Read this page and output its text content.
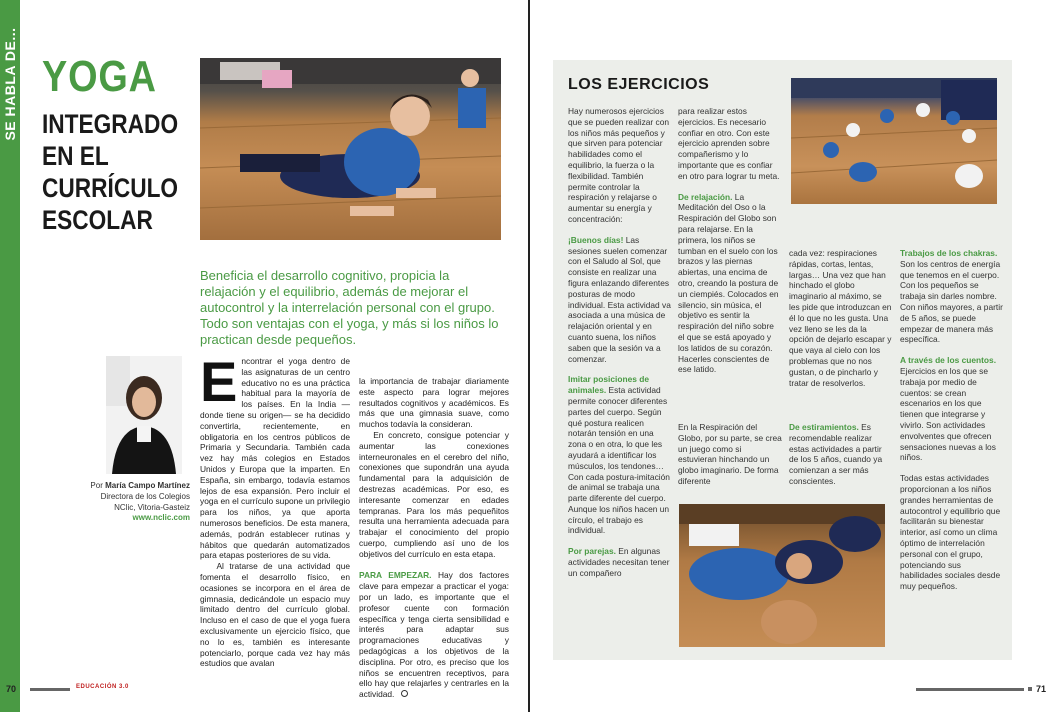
SE HABLA DE... YOGA
INTEGRADO EN EL CURRÍCULO ESCOLAR
Beneficia el desarrollo cognitivo, propicia la relajación y el equilibrio, además de mejorar el autocontrol y la interrelación personal con el grupo. Todo son ventajas con el yoga, y más si los niños lo practican desde pequeños.
Por María Campo Martínez
Directora de los Colegios NClic, Vitoria-Gasteiz
www.nclic.com
E ncontrar el yoga dentro de las asignaturas de un centro educativo no es una práctica habitual para la mayoría de los países. En la India —donde tiene su origen— se ha decidido convertirla, recientemente, en obligatoria en los centros públicos de Primaria y Secundaria. También cada vez hay más colegios en Estados Unidos y Europa que la imparten. En España, sin embargo, todavía estamos lejos de esa expansión. Pero incluir el yoga en el currículo supone un privilegio para los niños, ya que aporta numerosos beneficios. De esta manera, además, podrán establecer rutinas y hábitos que quedarán automatizados para etapas posteriores de su vida.
Al tratarse de una actividad que fomenta el desarrollo físico, en ocasiones se incorpora en el área de gimnasia, dedicándole un espacio muy limitado dentro del currículo global. Incluso en el caso de que el yoga fuera exclusivamente un ejercicio físico, que no lo es, también es interesante potenciarlo, porque cada vez hay más estudios que avalan
la importancia de trabajar diariamente este aspecto para lograr mejores resultados cognitivos y académicos. Es más que una gimnasia suave, como muchos todavía la consideran.
En concreto, consigue potenciar y aumentar las conexiones interneuronales en el cerebro del niño, conexiones que supondrán una ayuda fundamental para la adquisición de destrezas académicas. Por eso, es interesante comenzar en edades tempranas. Para los más pequeñitos resulta una herramienta adecuada para trabajar el conocimiento del propio cuerpo, cumpliendo así uno de los objetivos del currículo en esta etapa.

PARA EMPEZAR. Hay dos factores clave para empezar a practicar el yoga: por un lado, es importante que el profesor cuente con formación específica y tenga cierta sensibilidad e interés para adaptar sus programaciones educativas y pedagógicas a los objetivos de la disciplina. Por otro, es preciso que los niños se encuentren receptivos, para ello hay que relajarles y centrarles en la actividad.
70	EDUCACIÓN 3.0
LOS EJERCICIOS

Hay numerosos ejercicios que se pueden realizar con los niños más pequeños y que sirven para potenciar habilidades como el equilibrio, la fuerza o la flexibilidad. También permite controlar la respiración y relajarse o aumentar su energía y concentración:

¡Buenos días! Las sesiones suelen comenzar con el Saludo al Sol, que consiste en realizar una figura enlazando diferentes posturas de modo individual. Esta actividad va asociada a una música de relajación oriental y en cuanto suena, los niños saben que la sesión va a comenzar.

Imitar posiciones de animales. Esta actividad permite conocer diferentes partes del cuerpo. Según qué postura realicen notarán tensión en una zona o en otra, lo que les ayudará a identificar los músculos, los tendones… Con cada postura-imitación de animal se trabaja una parte diferente del cuerpo. Aunque los niños hacen un círculo, el trabajo es individual.

Por parejas. En algunas actividades necesitan tener un compañero

para realizar estos ejercicios. Es necesario confiar en otro. Con este ejercicio aprenden sobre compañerismo y lo importante que es confiar en otro para lograr tu meta.

De relajación. La Meditación del Oso o la Respiración del Globo son para relajarse. En la primera, los niños se tumban en el suelo con los brazos y las piernas abiertas, una encima de otro, creando la postura de un ciempiés. Colocados en silencio, sin música, el objetivo es sentir la respiración del niño sobre el que se está apoyado y los latidos de su corazón. Hacerles conscientes de ese latido.

En la Respiración del Globo, por su parte, se crea un juego como si estuvieran hinchando un globo imaginario. De forma diferente

cada vez: respiraciones rápidas, cortas, lentas, largas… Una vez que han hinchado el globo imaginario al máximo, se les pide que introduzcan en él lo que no les gusta. Una vez lleno se les da la opción de dejarlo escapar y que vaya al cielo con los problemas que no nos gustan, o de pincharlo y tratar de resolverlos.

De estiramientos. Es recomendable realizar estas actividades a partir de los 5 años, cuando ya comienzan a ser más conscientes.

Trabajos de los chakras. Son los centros de energía que tenemos en el cuerpo. Con los pequeños se trabaja sin darles nombre. Con niños mayores, a partir de 5 años, se puede empezar de manera más específica.

A través de los cuentos. Ejercicios en los que se trabaja por medio de cuentos: se crean escenarios en los que tienen que integrarse y vivirlo. Son actividades envolventes que ofrecen sensaciones nuevas a los niños.

Todas estas actividades proporcionan a los niños grandes herramientas de autocontrol y equilibrio que facilitarán su bienestar interior, así como un clima óptimo de interrelación personal con el grupo, potenciando sus habilidades sociales desde muy pequeños.

71
